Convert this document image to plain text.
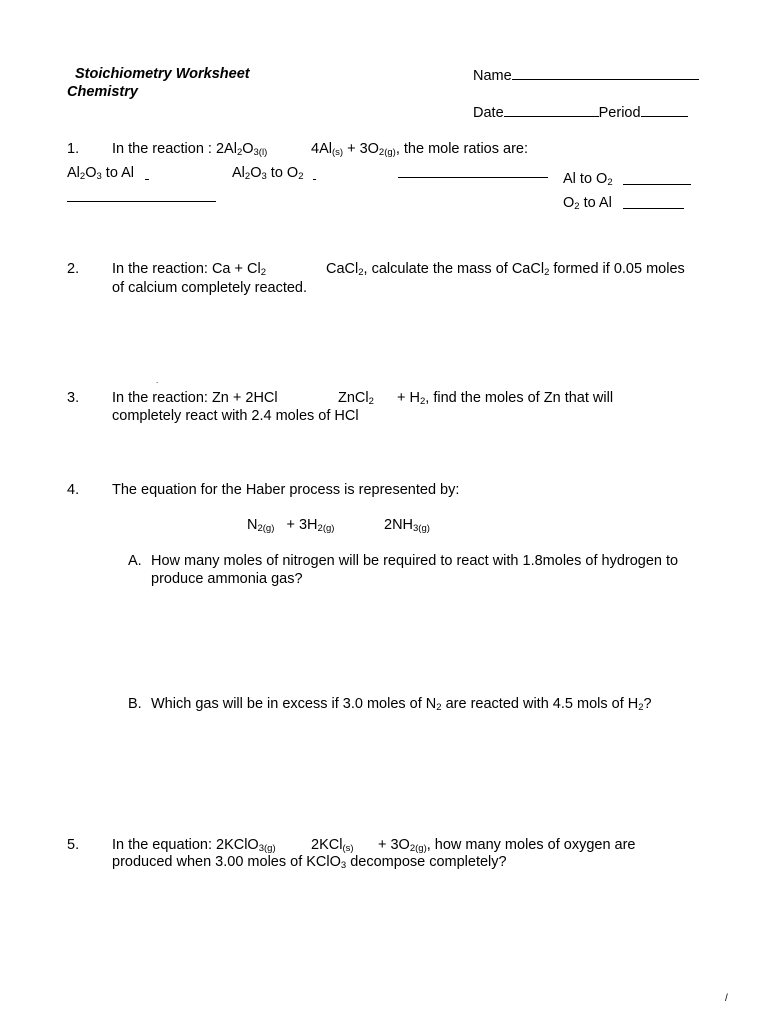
Stoichiometry Worksheet
Chemistry
Name
Date	Period
1. In the reaction : $2Al_2O_{3(l)}$	$4Al_{(s)} + 3O_{2(g)}$, the mole ratios are:
$Al_2O_3$ to Al	$Al_2O_3$ to $O_2$	Al to $O_2$
$O_2$ to Al
2. In the reaction: $Ca + Cl_2$	CaCl$_2$, calculate the mass of CaCl$_2$ formed if 0.05 moles
of calcium completely reacted.
.
3. In the reaction: Zn + 2HCl	ZnCl$_2$ + $H_2$, find the moles of Zn that will
completely react with 2.4 moles of HCl
4. The equation for the Haber process is represented by:
$N_{2(g)} + 3H_{2(g)}$	$2NH_{3(g)}$
A. How many moles of nitrogen will be required to react with 1.8moles of hydrogen to
produce ammonia gas?
B. Which gas will be in excess if 3.0 moles of $N_2$ are reacted with 4.5 mols of $H_2$?
5. In the equation: 2KClO$_{3(g)}$ $2KCl_{(s)} + 3O_{2(g)}$, how many moles of oxygen are
produced when 3.00 moles of KClO$_3$ decompose completely?
/
